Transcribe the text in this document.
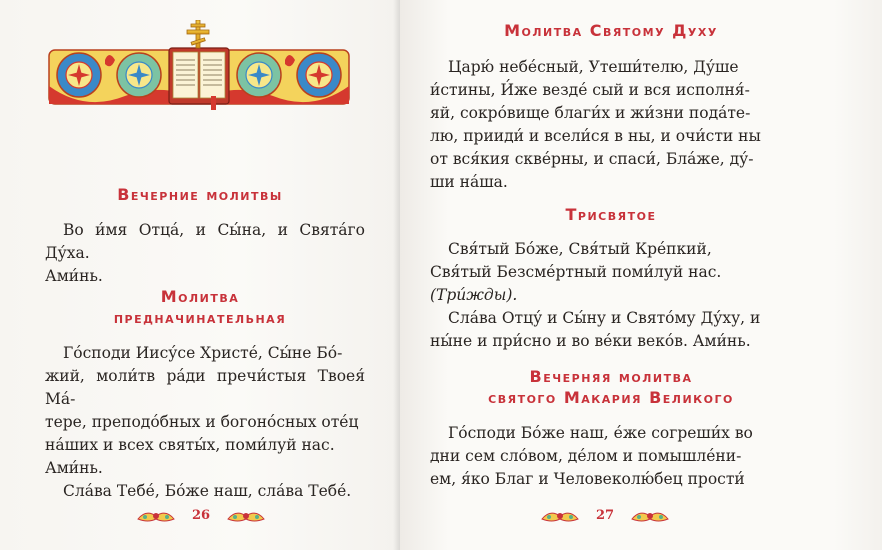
Вечерние молитвы

Во и́мя Отца́, и Сы́на, и Свята́го Ду́ха.

Ами́нь.

Молитва
предначинательная

Го́споди Иису́се Христе́, Сы́не Бо́-

жий, моли́тв ра́ди пречи́стыя Твоея́ Ма́-

тере, преподо́бных и богоно́сных оте́ц

на́ших и всех святы́х, поми́луй нас.

Ами́нь.

Сла́ва Тебе́, Бо́же наш, сла́ва Тебе́.

26
Молитва Святому Духу

Царю́ небе́сный, Утеши́телю, Ду́ше

и́стины, И́же везде́ сый и вся исполня́-

яй, сокро́вище благи́х и жи́зни пода́те-

лю, прииди́ и всели́ся в ны, и очи́сти ны

от вся́кия скве́рны, и спаси́, Бла́же, ду́-

ши на́ша.

Трисвятое

Свя́тый Бо́же, Свя́тый Кре́пкий,

Свя́тый Безсме́ртный поми́луй нас.

(Три́жды).

Сла́ва Отцу́ и Сы́ну и Свято́му Ду́ху, и

ны́не и при́сно и во ве́ки веко́в. Ами́нь.

Вечерняя молитва
святого Макария Великого

Го́споди Бо́же наш, е́же согреши́х во

дни сем сло́вом, де́лом и помышле́ни-

ем, я́ко Благ и Человеколю́бец прости́

27
